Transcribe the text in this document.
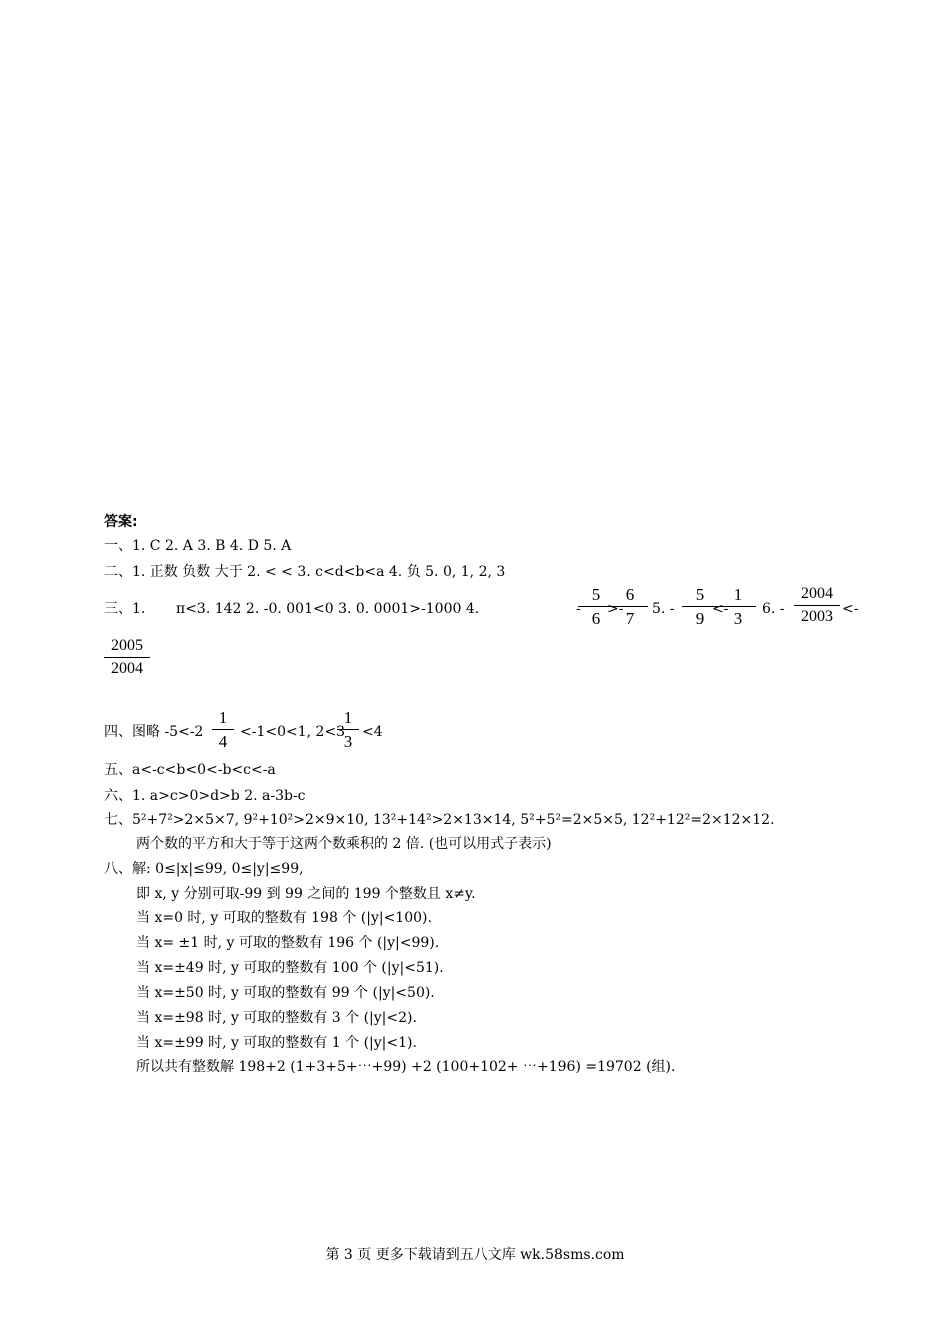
答案:
一、1. C 2. A 3. B 4. D 5. A
二、1. 正数 负数 大于 2. < < 3. c<d<b<a 4. 负 5. 0, 1, 2, 3
三、1. π<3. 142 2. -0. 001<0 3. 0. 0001>-1000 4.	-
5
6 >-
6
7	5. -
5
9 <-
1
3	6. -
2004
2003 <-
2005
2004
四、图略 -5<-2
1
4 <-1<0<1, 2<3
1
3 <4
五、a<-c<b<0<-b<c<-a
六、1. a>c>0>d>b 2. a-3b-c
七、5²+7²>2×5×7, 9²+10²>2×9×10, 13²+14²>2×13×14, 5²+5²=2×5×5, 12²+12²=2×12×12.
两个数的平方和大于等于这两个数乘积的 2 倍. (也可以用式子表示)
八、解: 0≤|x|≤99, 0≤|y|≤99,
即 x, y 分别可取-99 到 99 之间的 199 个整数且 x≠y.
当 x=0 时, y 可取的整数有 198 个 (|y|<100).
当 x= ±1 时, y 可取的整数有 196 个 (|y|<99).
当 x=±49 时, y 可取的整数有 100 个 (|y|<51).
当 x=±50 时, y 可取的整数有 99 个 (|y|<50).
当 x=±98 时, y 可取的整数有 3 个 (|y|<2).
当 x=±99 时, y 可取的整数有 1 个 (|y|<1).
所以共有整数解 198+2 (1+3+5+⋯+99) +2 (100+102+ ⋯+196) =19702 (组).
第 3 页 更多下载请到五八文库 wk.58sms.com
